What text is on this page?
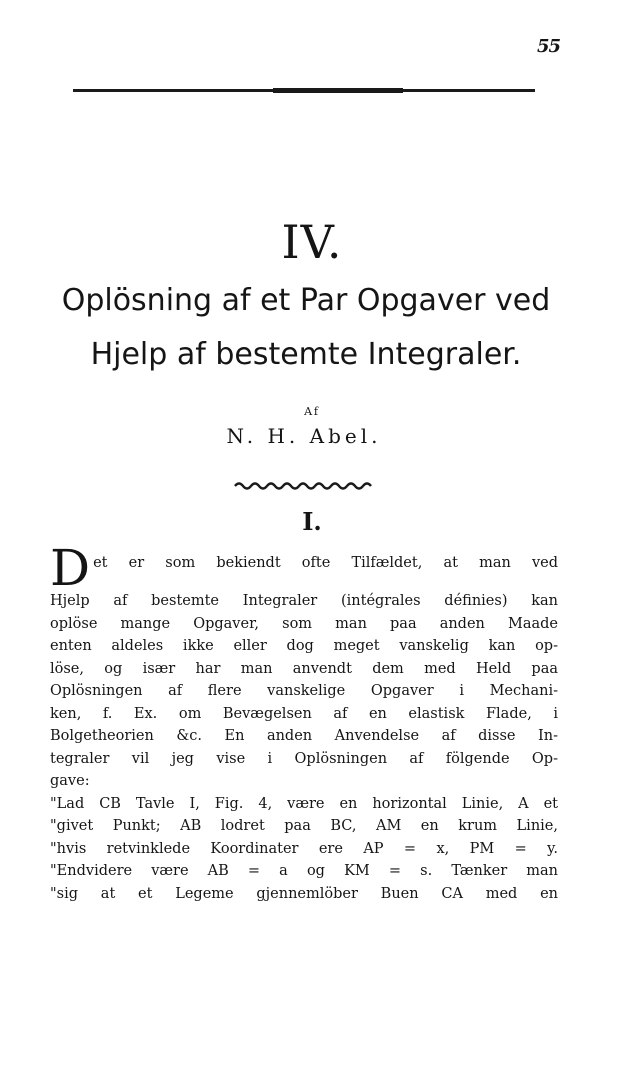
55
IV.
Oplösning af et Par Opgaver ved
Hjelp af bestemte Integraler.
Af
N. H. Abel.
I.
D et er som bekiendt ofte Tilfældet, at man ved
Hjelp af bestemte Integraler (intégrales définies) kan
oplöse mange Opgaver, som man paa anden Maade
enten aldeles ikke eller dog meget vanskelig kan op-
löse, og især har man anvendt dem med Held paa
Oplösningen af flere vanskelige Opgaver i Mechani-
ken, f. Ex. om Bevægelsen af en elastisk Flade, i
Bolgetheorien &c. En anden Anvendelse af disse In-
tegraler vil jeg vise i Oplösningen af fölgende Op-
gave:
"Lad CB Tavle I, Fig. 4, være en horizontal Linie, A et
"givet Punkt; AB lodret paa BC, AM en krum Linie,
"hvis retvinklede Koordinater ere AP = x, PM = y.
"Endvidere være AB = a og KM = s. Tænker man
"sig at et Legeme gjennemlöber Buen CA med en
